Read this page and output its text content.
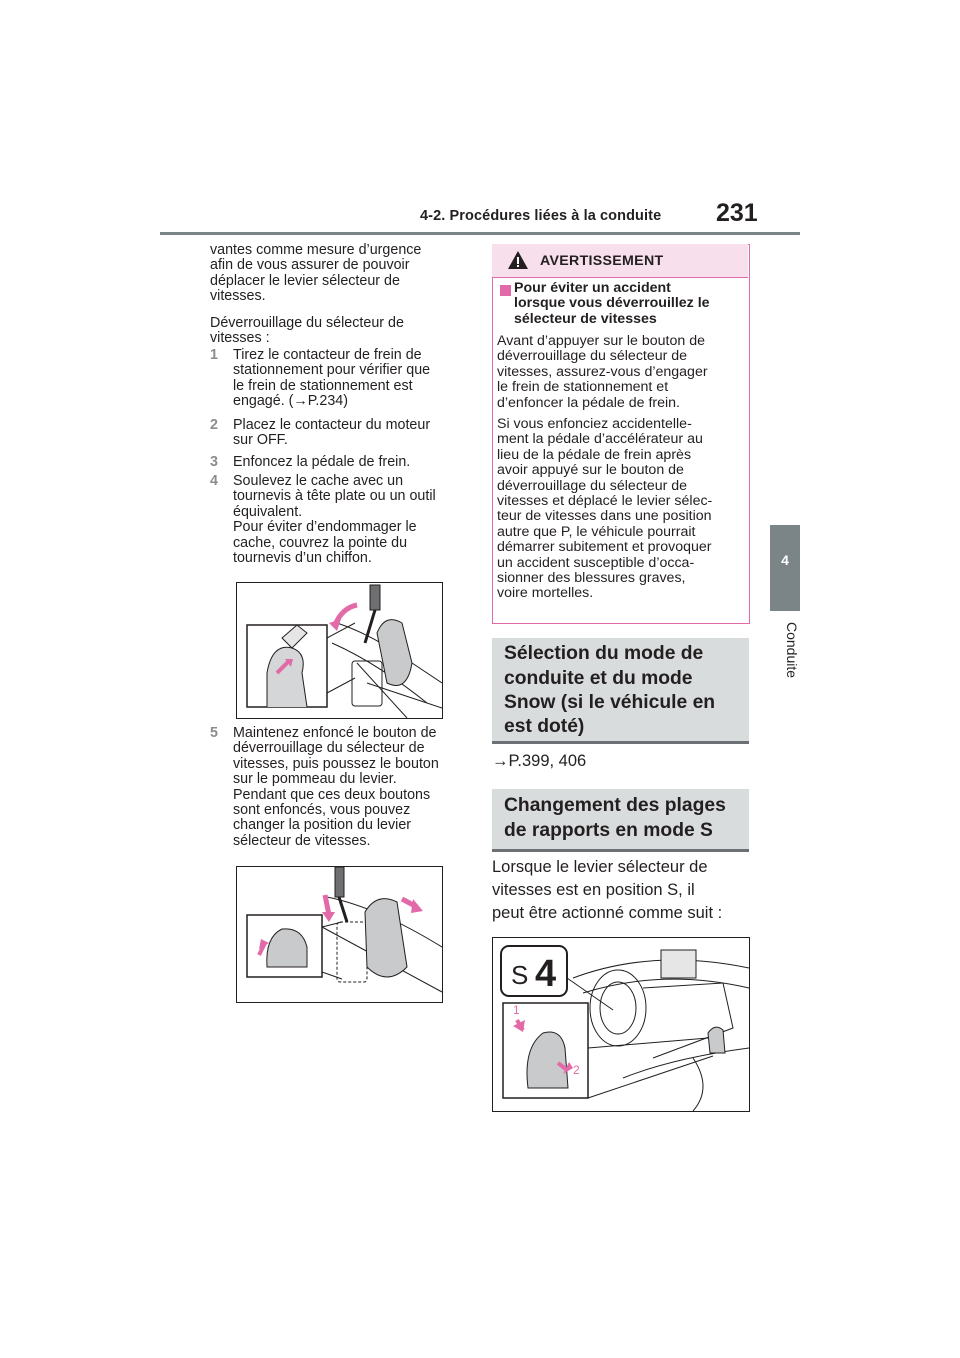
4-2. Procédures liées à la conduite 231
4
Conduite

vantes comme mesure d’urgence

afin de vous assurer de pouvoir

déplacer le levier sélecteur de

vitesses.

Déverrouillage du sélecteur de

vitesses :

1	Tirez le contacteur de frein de
stationnement pour vérifier que
le frein de stationnement est
engagé. (→P.234)
2	Placez le contacteur du moteur
sur OFF.
3	Enfoncez la pédale de frein.
4	Soulevez le cache avec un
tournevis à tête plate ou un outil
équivalent.
Pour éviter d’endommager le
cache, couvrez la pointe du
tournevis d’un chiffon.
5	Maintenez enfoncé le bouton de
déverrouillage du sélecteur de
vitesses, puis poussez le bouton
sur le pommeau du levier.
Pendant que ces deux boutons
sont enfoncés, vous pouvez
changer la position du levier
sélecteur de vitesses.
AVERTISSEMENT
Pour éviter un accident
lorsque vous déverrouillez le
sélecteur de vitesses
Avant d’appuyer sur le bouton de
déverrouillage du sélecteur de
vitesses, assurez-vous d’engager
le frein de stationnement et
d’enfoncer la pédale de frein.
Si vous enfonciez accidentelle-
ment la pédale d’accélérateur au
lieu de la pédale de frein après
avoir appuyé sur le bouton de
déverrouillage du sélecteur de
vitesses et déplacé le levier sélec-
teur de vitesses dans une position
autre que P, le véhicule pourrait
démarrer subitement et provoquer
un accident susceptible d’occa-
sionner des blessures graves,
voire mortelles.
Sélection du mode de
conduite et du mode
Snow (si le véhicule en
est doté)
→P.399, 406
Changement des plages
de rapports en mode S
Lorsque le levier sélecteur de
vitesses est en position S, il
peut être actionné comme suit :
S 4
1
2
